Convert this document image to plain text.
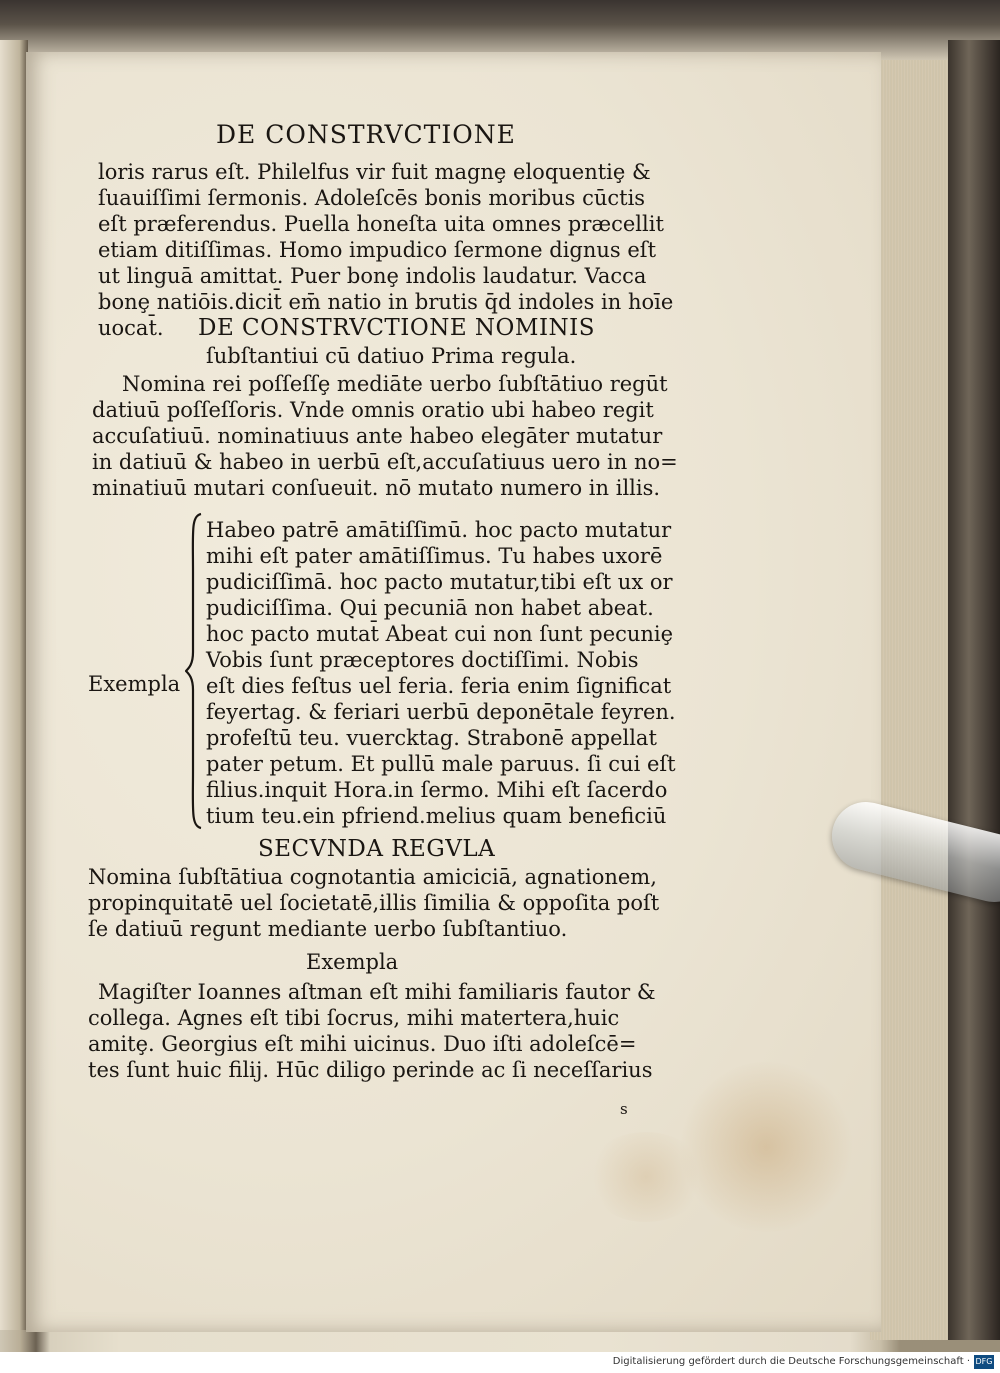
DE CONSTRVCTIONE
loris rarus eſt. Philelfus vir fuit magnȩ eloquentiȩ &
ſuauiſſimi ſermonis. Adoleſcēs bonis moribus cūctis
eſt præferendus. Puella honeſta uita omnes præcellit
etiam ditiſſimas. Homo impudico ſermone dignus eſt
ut linguā amittat. Puer bonȩ indolis laudatur. Vacca
bonȩ natiōis.dicit̄ em̄ natio in brutis q̄d indoles in hoīe
uocat̄. DE CONSTRVCTIONE NOMINIS
ſubſtantiui cū datiuo Prima regula.
Nomina rei poſſeſſȩ mediāte uerbo ſubſtātiuo regūt
datiuū poſſeſſoris. Vnde omnis oratio ubi habeo regit
accuſatiuū. nominatiuus ante habeo elegāter mutatur
in datiuū & habeo in uerbū eſt,accuſatiuus uero in no=
minatiuū mutari conſueuit. nō mutato numero in illis.
Exempla
Habeo patrē amātiſſimū. hoc pacto mutatur
mihi eſt pater amātiſſimus. Tu habes uxorē
pudiciſſimā. hoc pacto mutatur,tibi eſt ux or
pudiciſſima. Qui pecuniā non habet abeat.
hoc pacto mutat̄ Abeat cui non ſunt pecuniȩ
Vobis ſunt præceptores doctiſſimi. Nobis
eſt dies feſtus uel feria. feria enim ſignificat
feyertag. & feriari uerbū deponētale feyren.
profeſtū teu. vuercktag. Strabonē appellat
pater petum. Et pullū male paruus. ſi cui eſt
filius.inquit Hora.in ſermo. Mihi eſt ſacerdo
tium teu.ein pfriend.melius quam beneficiū
SECVNDA REGVLA
Nomina ſubſtātiua cognotantia amiciciā, agnationem,
propinquitatē uel ſocietatē,illis ſimilia & oppoſita poſt
ſe datiuū regunt mediante uerbo ſubſtantiuo.
Exempla
Magiſter Ioannes aſtman eſt mihi familiaris fautor &
collega. Agnes eſt tibi ſocrus, mihi matertera,huic
amitȩ. Georgius eſt mihi uicinus. Duo iſti adoleſcē=
tes ſunt huic filij. Hūc diligo perinde ac ſi neceſſarius
s
Digitalisierung gefördert durch die Deutsche Forschungsgemeinschaft · DFG
